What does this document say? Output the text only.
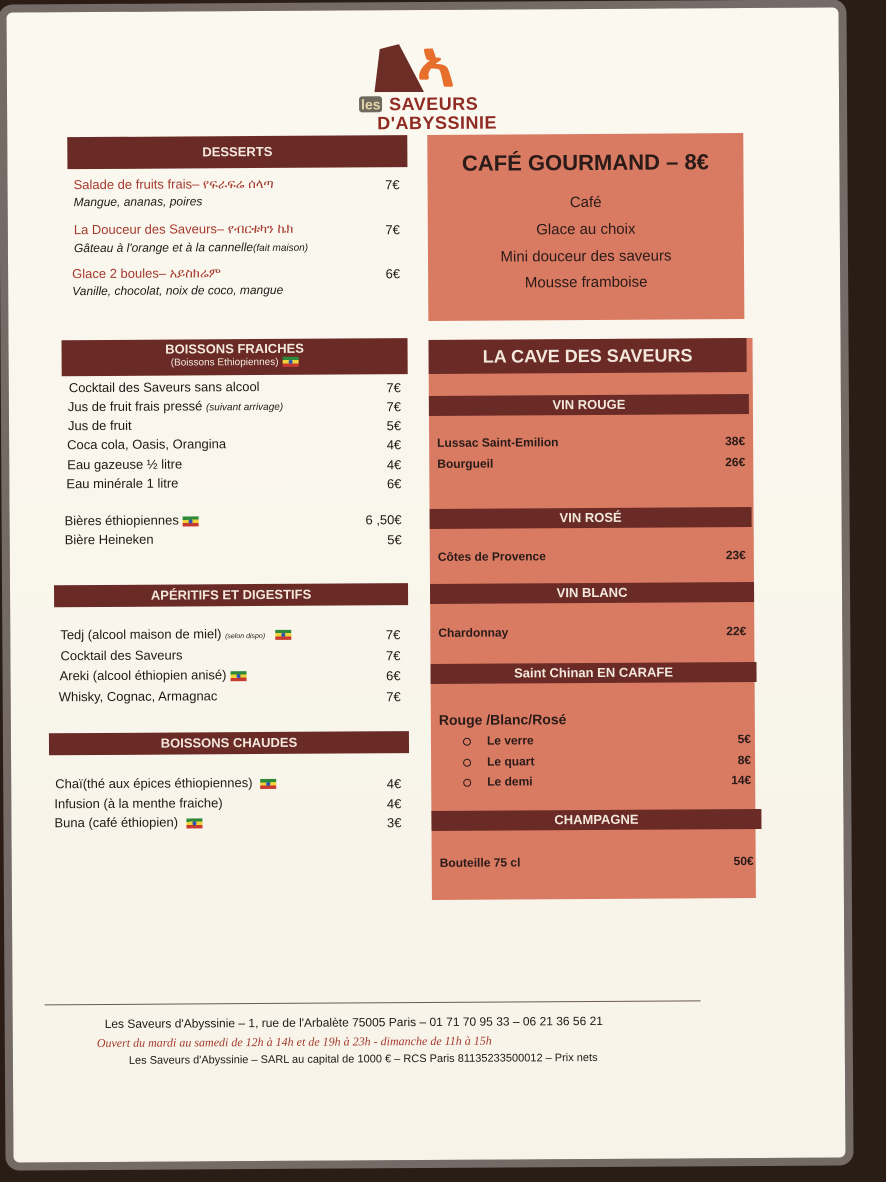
ኣ
les SAVEURS
D'ABYSSINIE
DESSERTS
Salade de fruits frais– የፍራፍሬ ሰላጣ	7€
Mangue, ananas, poires
La Douceur des Saveurs– የብርቱካን ኬክ	7€
Gâteau à l'orange et à la cannelle(fait maison)
Glace 2 boules– አይስክሬም	6€
Vanille, chocolat, noix de coco, mangue
BOISSONS FRAICHES
(Boissons Ethiopiennes)
Cocktail des Saveurs sans alcool	7€
Jus de fruit frais pressé (suivant arrivage)	7€
Jus de fruit	5€
Coca cola, Oasis, Orangina	4€
Eau gazeuse ½ litre	4€
Eau minérale 1 litre	6€
Bières éthiopiennes	6 ,50€
Bière Heineken	5€
APÉRITIFS ET DIGESTIFS
Tedj (alcool maison de miel) (selon dispo)	7€
Cocktail des Saveurs	7€
Areki (alcool éthiopien anisé)	6€
Whisky, Cognac, Armagnac	7€
BOISSONS CHAUDES
Chaï(thé aux épices éthiopiennes)	4€
Infusion (à la menthe fraiche)	4€
Buna (café éthiopien)	3€
CAFÉ GOURMAND – 8€
Café
Glace au choix
Mini douceur des saveurs
Mousse framboise
LA CAVE DES SAVEURS
VIN ROUGE
Lussac Saint-Emilion	38€
Bourgueil	26€
VIN ROSÉ
Côtes de Provence	23€
VIN BLANC
Chardonnay	22€
Saint Chinan EN CARAFE
Rouge /Blanc/Rosé
Le verre	5€
Le quart	8€
Le demi	14€
CHAMPAGNE
Bouteille 75 cl	50€
Les Saveurs d'Abyssinie – 1, rue de l'Arbalète 75005 Paris – 01 71 70 95 33 – 06 21 36 56 21
Ouvert du mardi au samedi de 12h à 14h et de 19h à 23h - dimanche de 11h à 15h
Les Saveurs d'Abyssinie – SARL au capital de 1000 € – RCS Paris 81135233500012 – Prix nets
